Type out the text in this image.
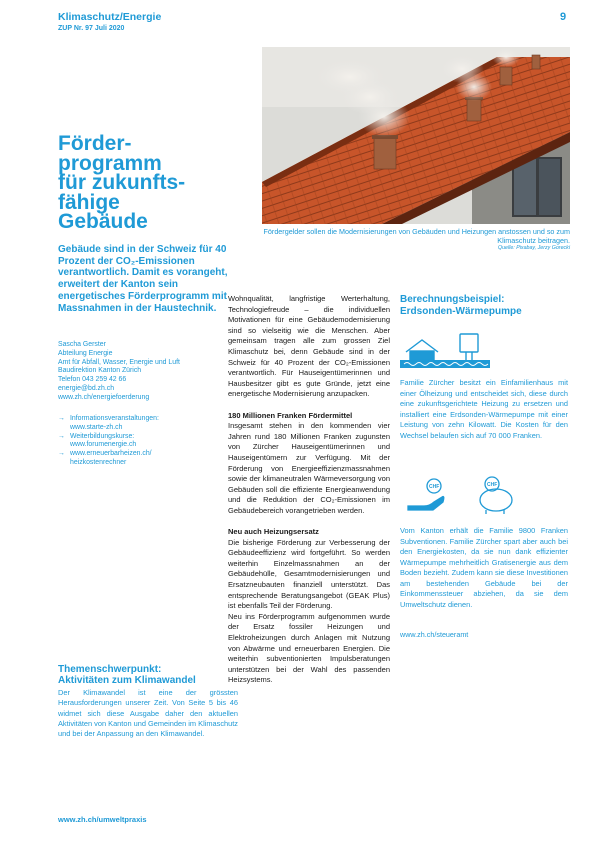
Klimaschutz/Energie
ZUP Nr. 97 Juli 2020
9
Fördergelder sollen die Modernisierungen von Gebäuden und Heizungen anstossen und so zum Klimaschutz beitragen.
Quelle: Pixabay, Jerzy Gorecki
Förder-
programm
für zukunfts-
fähige
Gebäude
Gebäude sind in der Schweiz für 40 Prozent der CO₂-Emissionen verantwortlich. Damit es vorangeht, erweitert der Kanton sein energetisches Förderprogramm mit Massnahmen in der Haustechnik.
Sascha Gerster
Abteilung Energie
Amt für Abfall, Wasser, Energie und Luft
Baudirektion Kanton Zürich
Telefon 043 259 42 66
energie@bd.zh.ch
www.zh.ch/energiefoerderung
→ Informationsveranstaltungen:
www.starte-zh.ch
→ Weiterbildungskurse:
www.forumenergie.ch
→ www.erneuerbarheizen.ch/
heizkostenrechner
Themenschwerpunkt:
Aktivitäten zum Klimawandel
Der Klimawandel ist eine der grössten Herausforderungen unserer Zeit. Von Seite 5 bis 46 widmet sich diese Ausgabe daher den aktuellen Aktivitäten von Kanton und Gemeinden im Klimaschutz und bei der Anpassung an den Klimawandel.

Wohnqualität, langfristige Werterhaltung, Technologiefreude – die individuellen Motivationen für eine Gebäudemodernisierung sind so vielseitig wie die Menschen. Aber gemeinsam tragen alle zum grossen Ziel Klimaschutz bei, denn Gebäude sind in der Schweiz für 40 Prozent der CO₂-Emissionen verantwortlich. Für Hauseigentümerinnen und Hausbesitzer gibt es gute Gründe, jetzt eine energetische Modernisierung anzupacken.

180 Millionen Franken Fördermittel

Insgesamt stehen in den kommenden vier Jahren rund 180 Millionen Franken zugunsten von Zürcher Hauseigentümerinnen und Hauseigentümern zur Verfügung. Mit der Förderung von Energieeffizienzmassnahmen sowie der klimaneutralen Wärmeversorgung von Gebäuden soll die effiziente Energieanwendung und die Reduktion der CO₂-Emissionen im Gebäudebereich vorangetrieben werden.

Neu auch Heizungsersatz

Die bisherige Förderung zur Verbesserung der Gebäudeeffizienz wird fortgeführt. So werden weiterhin Einzelmassnahmen an der Gebäudehülle, Gesamtmodernisierungen und Ersatzneubauten finanziell unterstützt. Das entsprechende Beratungsangebot (GEAK Plus) ist ebenfalls Teil der Förderung.

Neu ins Förderprogramm aufgenommen wurde der Ersatz fossiler Heizungen und Elektroheizungen durch Anlagen mit Nutzung von Abwärme und erneuerbaren Energien. Die weiterhin subventionierten Impulsberatungen unterstützen bei der Wahl des passenden Heizsystems.

Berechnungsbeispiel:
Erdsonden-Wärmepumpe
Familie Zürcher besitzt ein Einfamilienhaus mit einer Ölheizung und entscheidet sich, diese durch eine zukunftsgerichtete Heizung zu ersetzen und installiert eine Erdsonden-Wärmepumpe mit einer Leistung von zehn Kilowatt. Die Kosten für den Wechsel belaufen sich auf 70 000 Franken.
CHF	CHF
Vom Kanton erhält die Familie 9800 Franken Subventionen. Familie Zürcher spart aber auch bei den Energiekosten, da sie nun dank effizienter Wärmepumpe mehrheitlich Gratisenergie aus dem Boden bezieht. Zudem kann sie diese Investitionen am bestehenden Gebäude bei der Einkommenssteuer abziehen, da sie dem Umweltschutz dienen.
www.zh.ch/steueramt
www.zh.ch/umweltpraxis
